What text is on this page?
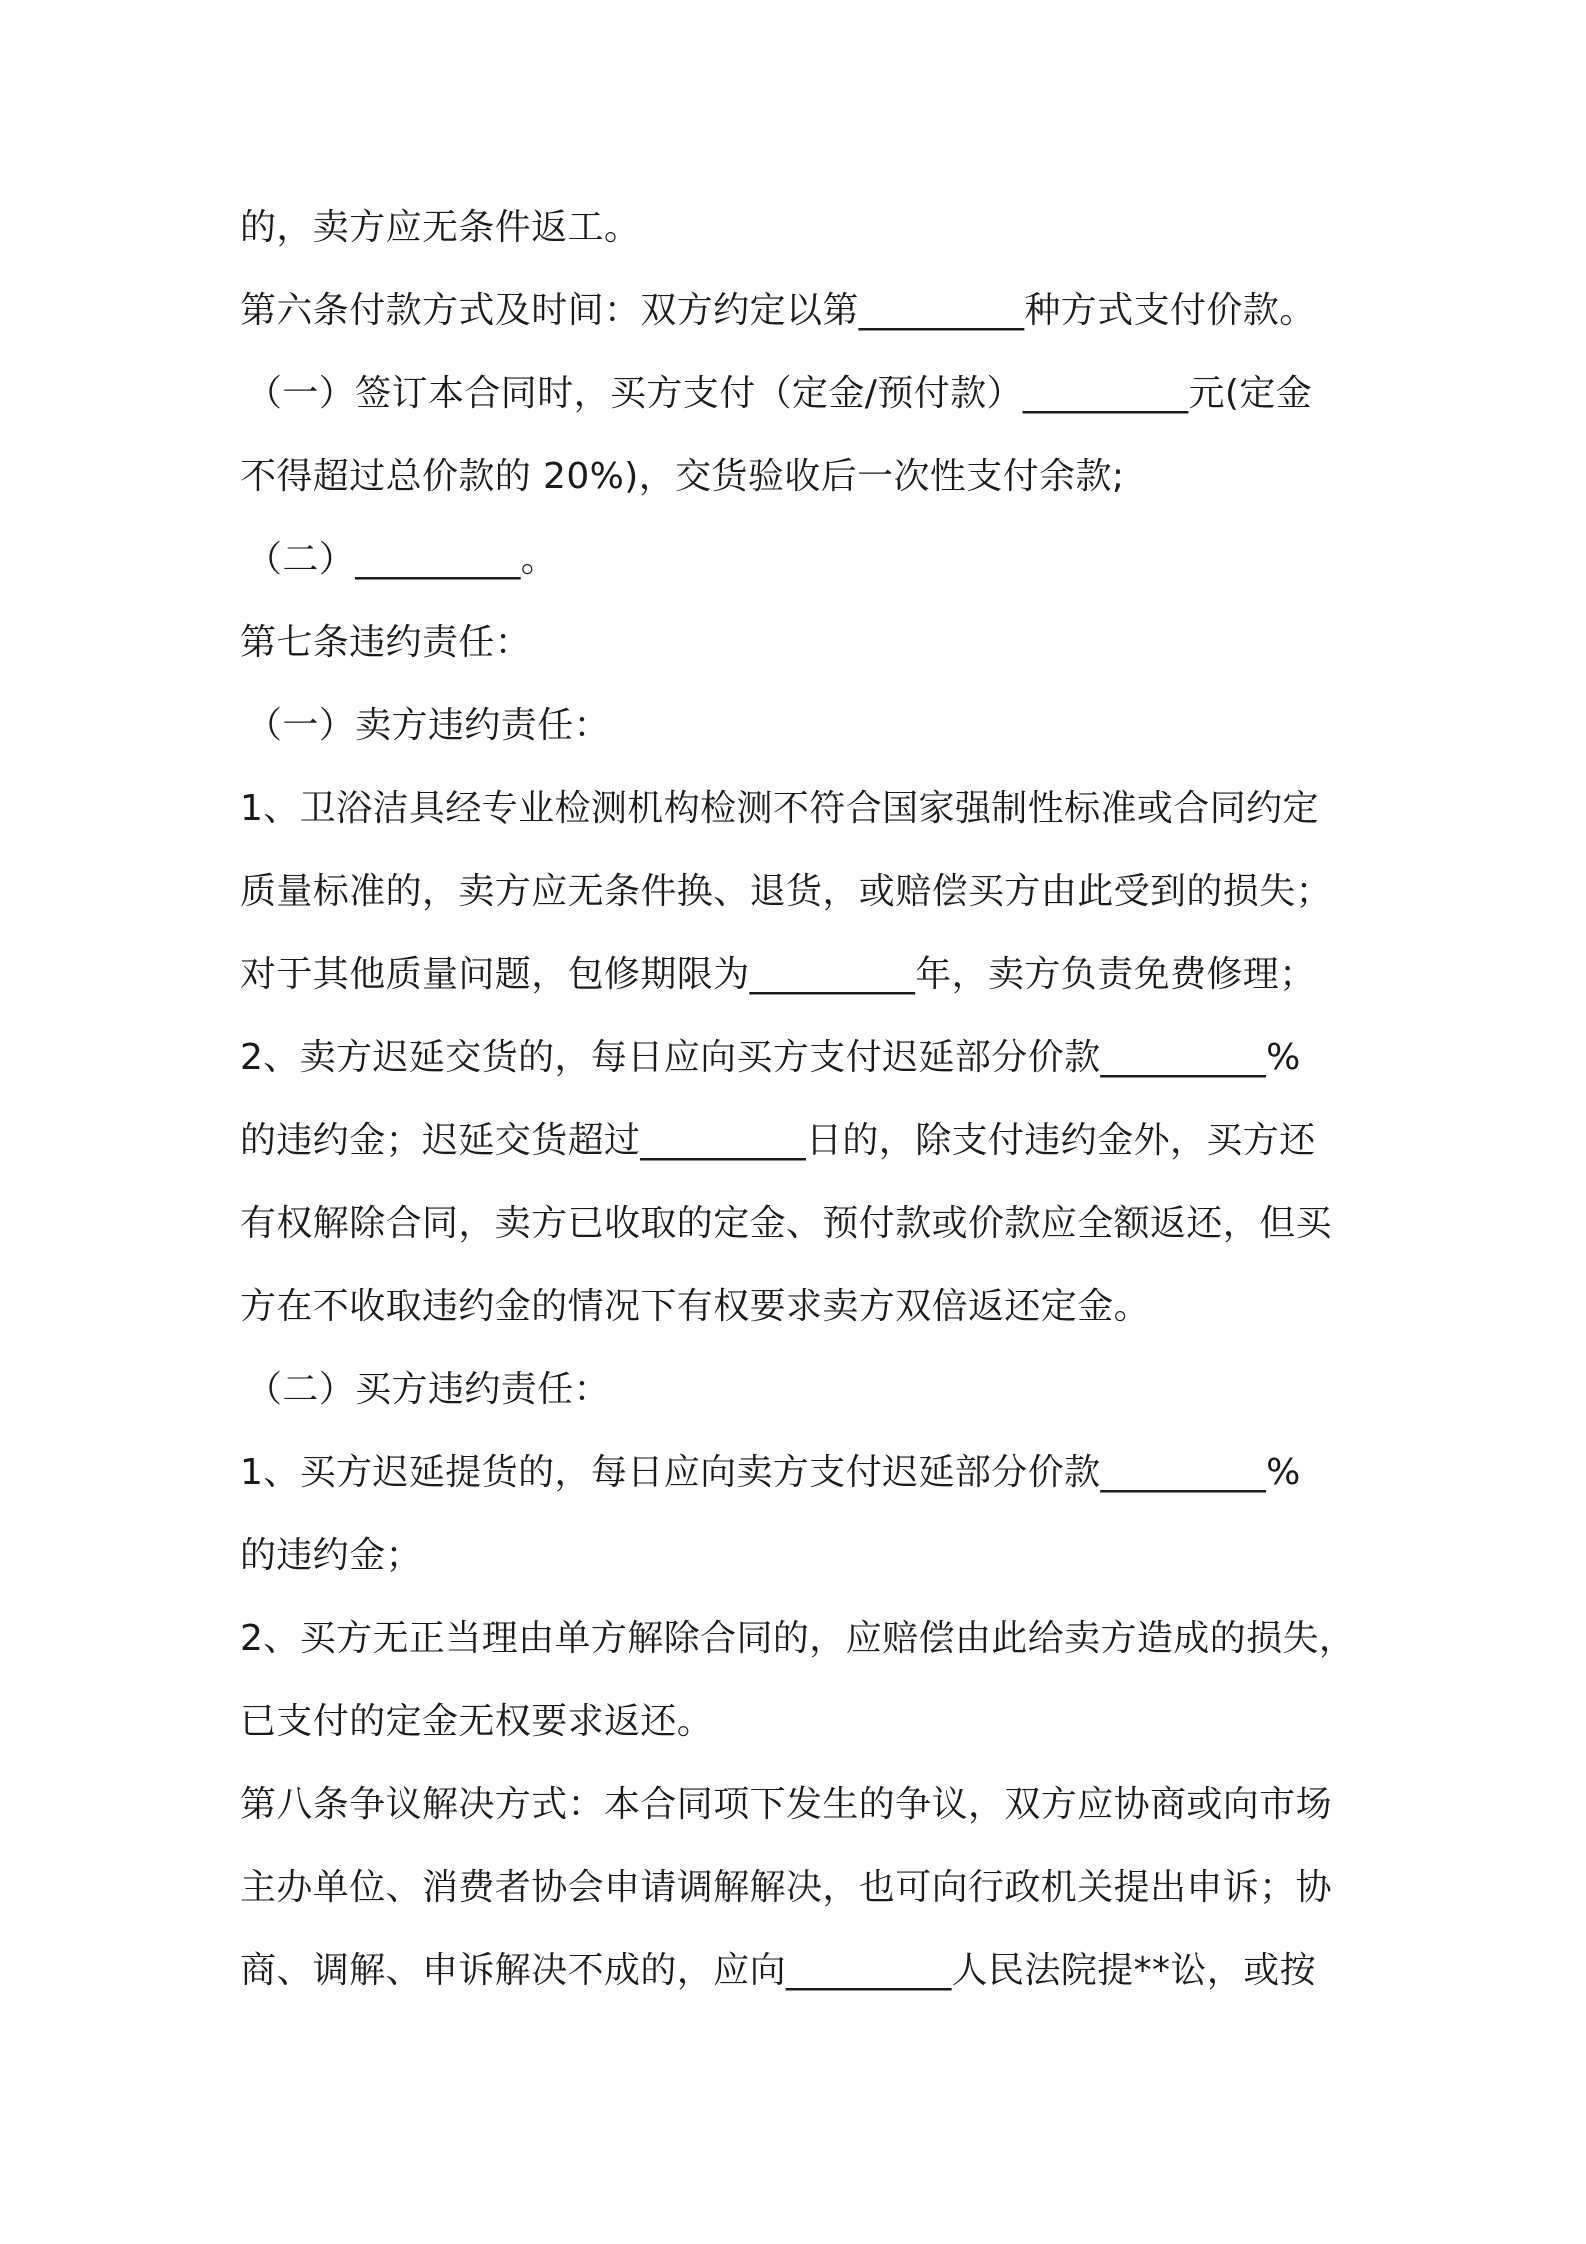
的，卖方应无条件返工。
第六条付款方式及时间：双方约定以第_________种方式支付价款。
（一）签订本合同时，买方支付（定金/预付款）_________元(定金
不得超过总价款的 20%)，交货验收后一次性支付余款;
（二）_________。
第七条违约责任：
（一）卖方违约责任：
1、卫浴洁具经专业检测机构检测不符合国家强制性标准或合同约定
质量标准的，卖方应无条件换、退货，或赔偿买方由此受到的损失；
对于其他质量问题，包修期限为_________年，卖方负责免费修理；
2、卖方迟延交货的，每日应向买方支付迟延部分价款_________%
的违约金；迟延交货超过_________日的，除支付违约金外，买方还
有权解除合同，卖方已收取的定金、预付款或价款应全额返还，但买
方在不收取违约金的情况下有权要求卖方双倍返还定金。
（二）买方违约责任：
1、买方迟延提货的，每日应向卖方支付迟延部分价款_________%
的违约金；
2、买方无正当理由单方解除合同的，应赔偿由此给卖方造成的损失，
已支付的定金无权要求返还。
第八条争议解决方式：本合同项下发生的争议，双方应协商或向市场
主办单位、消费者协会申请调解解决，也可向行政机关提出申诉；协
商、调解、申诉解决不成的，应向_________人民法院提**讼，或按
